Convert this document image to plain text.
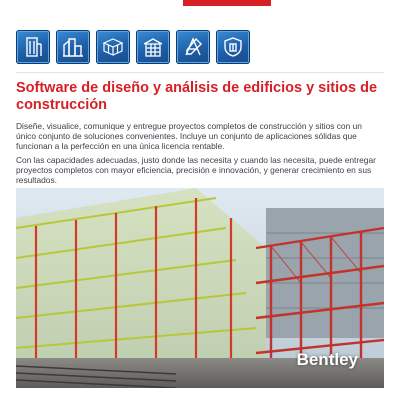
Software de diseño y análisis de edificios y sitios de construcción

Diseñe, visualice, comunique y entregue proyectos completos de construcción y sitios con un único conjunto de soluciones convenientes. Incluye un conjunto de aplicaciones sólidas que funcionan a la perfección en una única licencia rentable.

Con las capacidades adecuadas, justo donde las necesita y cuando las necesita, puede entregar proyectos completos con mayor eficiencia, precisión e innovación, y generar crecimiento en sus resultados.

Bentley
